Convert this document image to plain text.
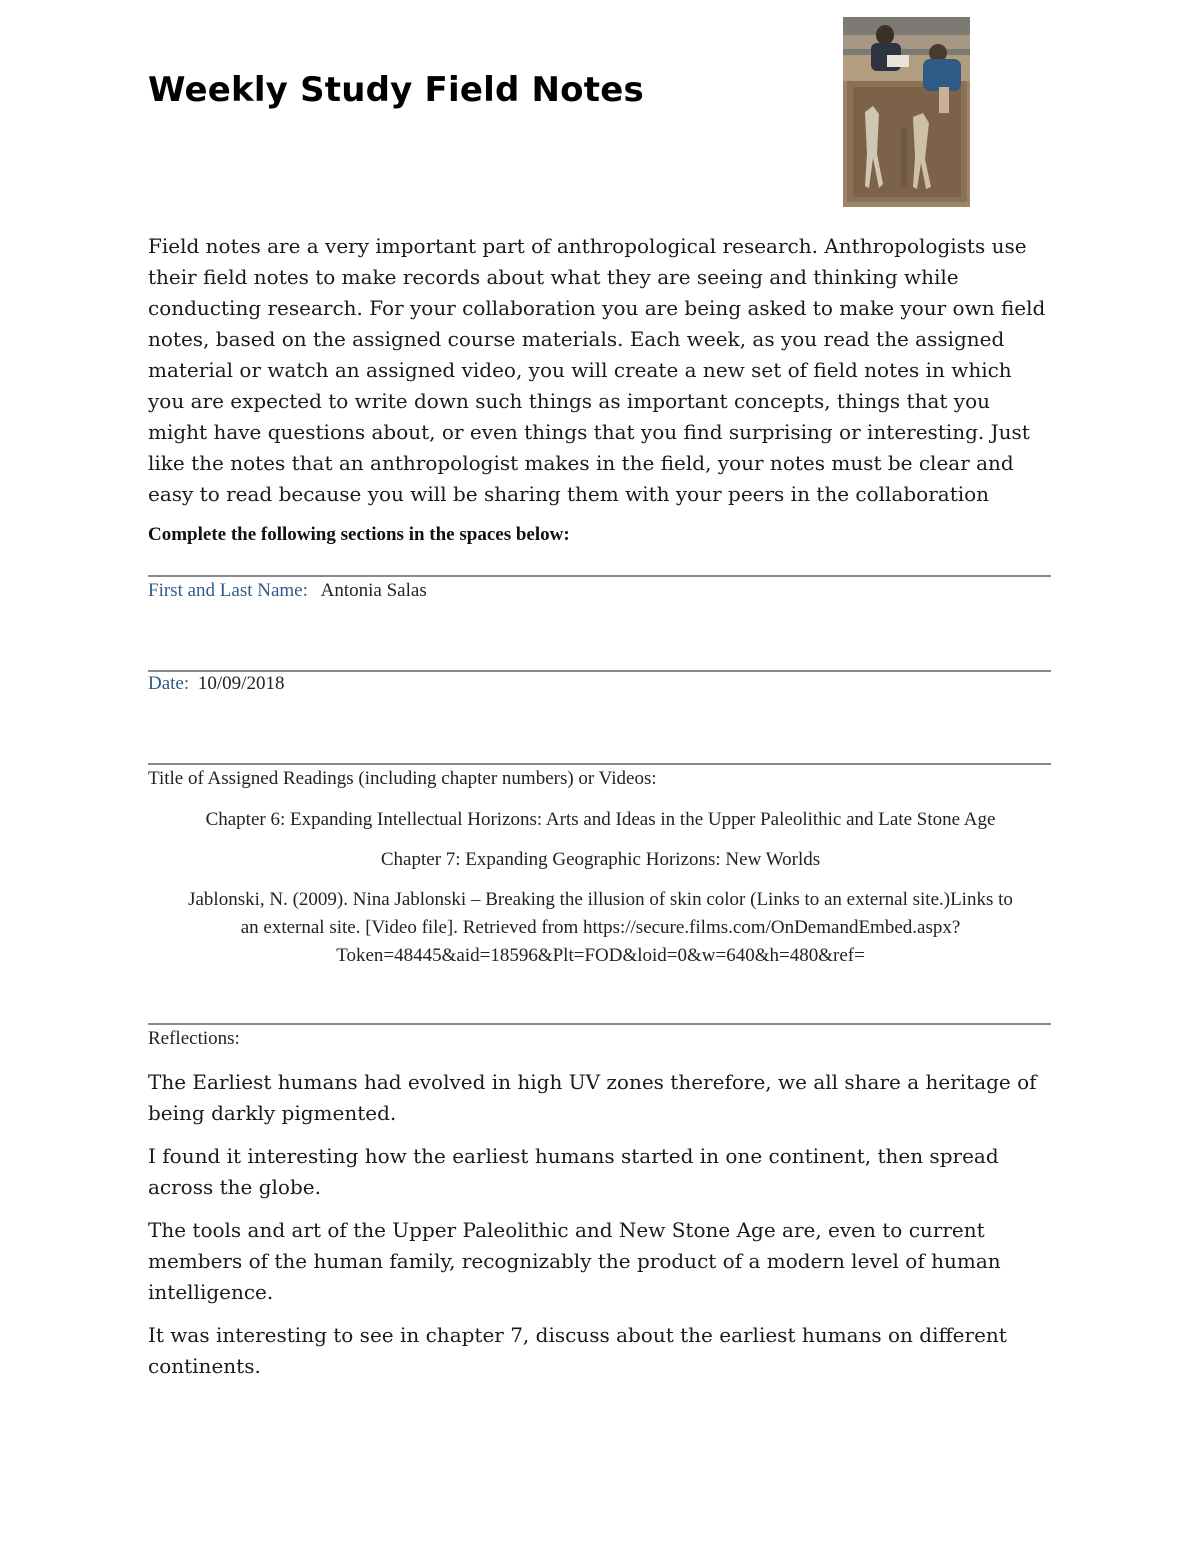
Weekly Study Field Notes

Field notes are a very important part of anthropological research. Anthropologists use their field notes to make records about what they are seeing and thinking while conducting research. For your collaboration you are being asked to make your own field notes, based on the assigned course materials. Each week, as you read the assigned material or watch an assigned video, you will create a new set of field notes in which you are expected to write down such things as important concepts, things that you might have questions about, or even things that you find surprising or interesting. Just like the notes that an anthropologist makes in the field, your notes must be clear and easy to read because you will be sharing them with your peers in the collaboration

Complete the following sections in the spaces below:

First and Last Name: Antonia Salas

Date: 10/09/2018

Title of Assigned Readings (including chapter numbers) or Videos:

Chapter 6: Expanding Intellectual Horizons: Arts and Ideas in the Upper Paleolithic and Late Stone Age

Chapter 7: Expanding Geographic Horizons: New Worlds

Jablonski, N. (2009). Nina Jablonski – Breaking the illusion of skin color (Links to an external site.)Links to an external site. [Video file]. Retrieved from https://secure.films.com/OnDemandEmbed.aspx?Token=48445&aid=18596&Plt=FOD&loid=0&w=640&h=480&ref=

Reflections:

The Earliest humans had evolved in high UV zones therefore, we all share a heritage of being darkly pigmented.

I found it interesting how the earliest humans started in one continent, then spread across the globe.

The tools and art of the Upper Paleolithic and New Stone Age are, even to current members of the human family, recognizably the product of a modern level of human intelligence.

It was interesting to see in chapter 7, discuss about the earliest humans on different continents.
